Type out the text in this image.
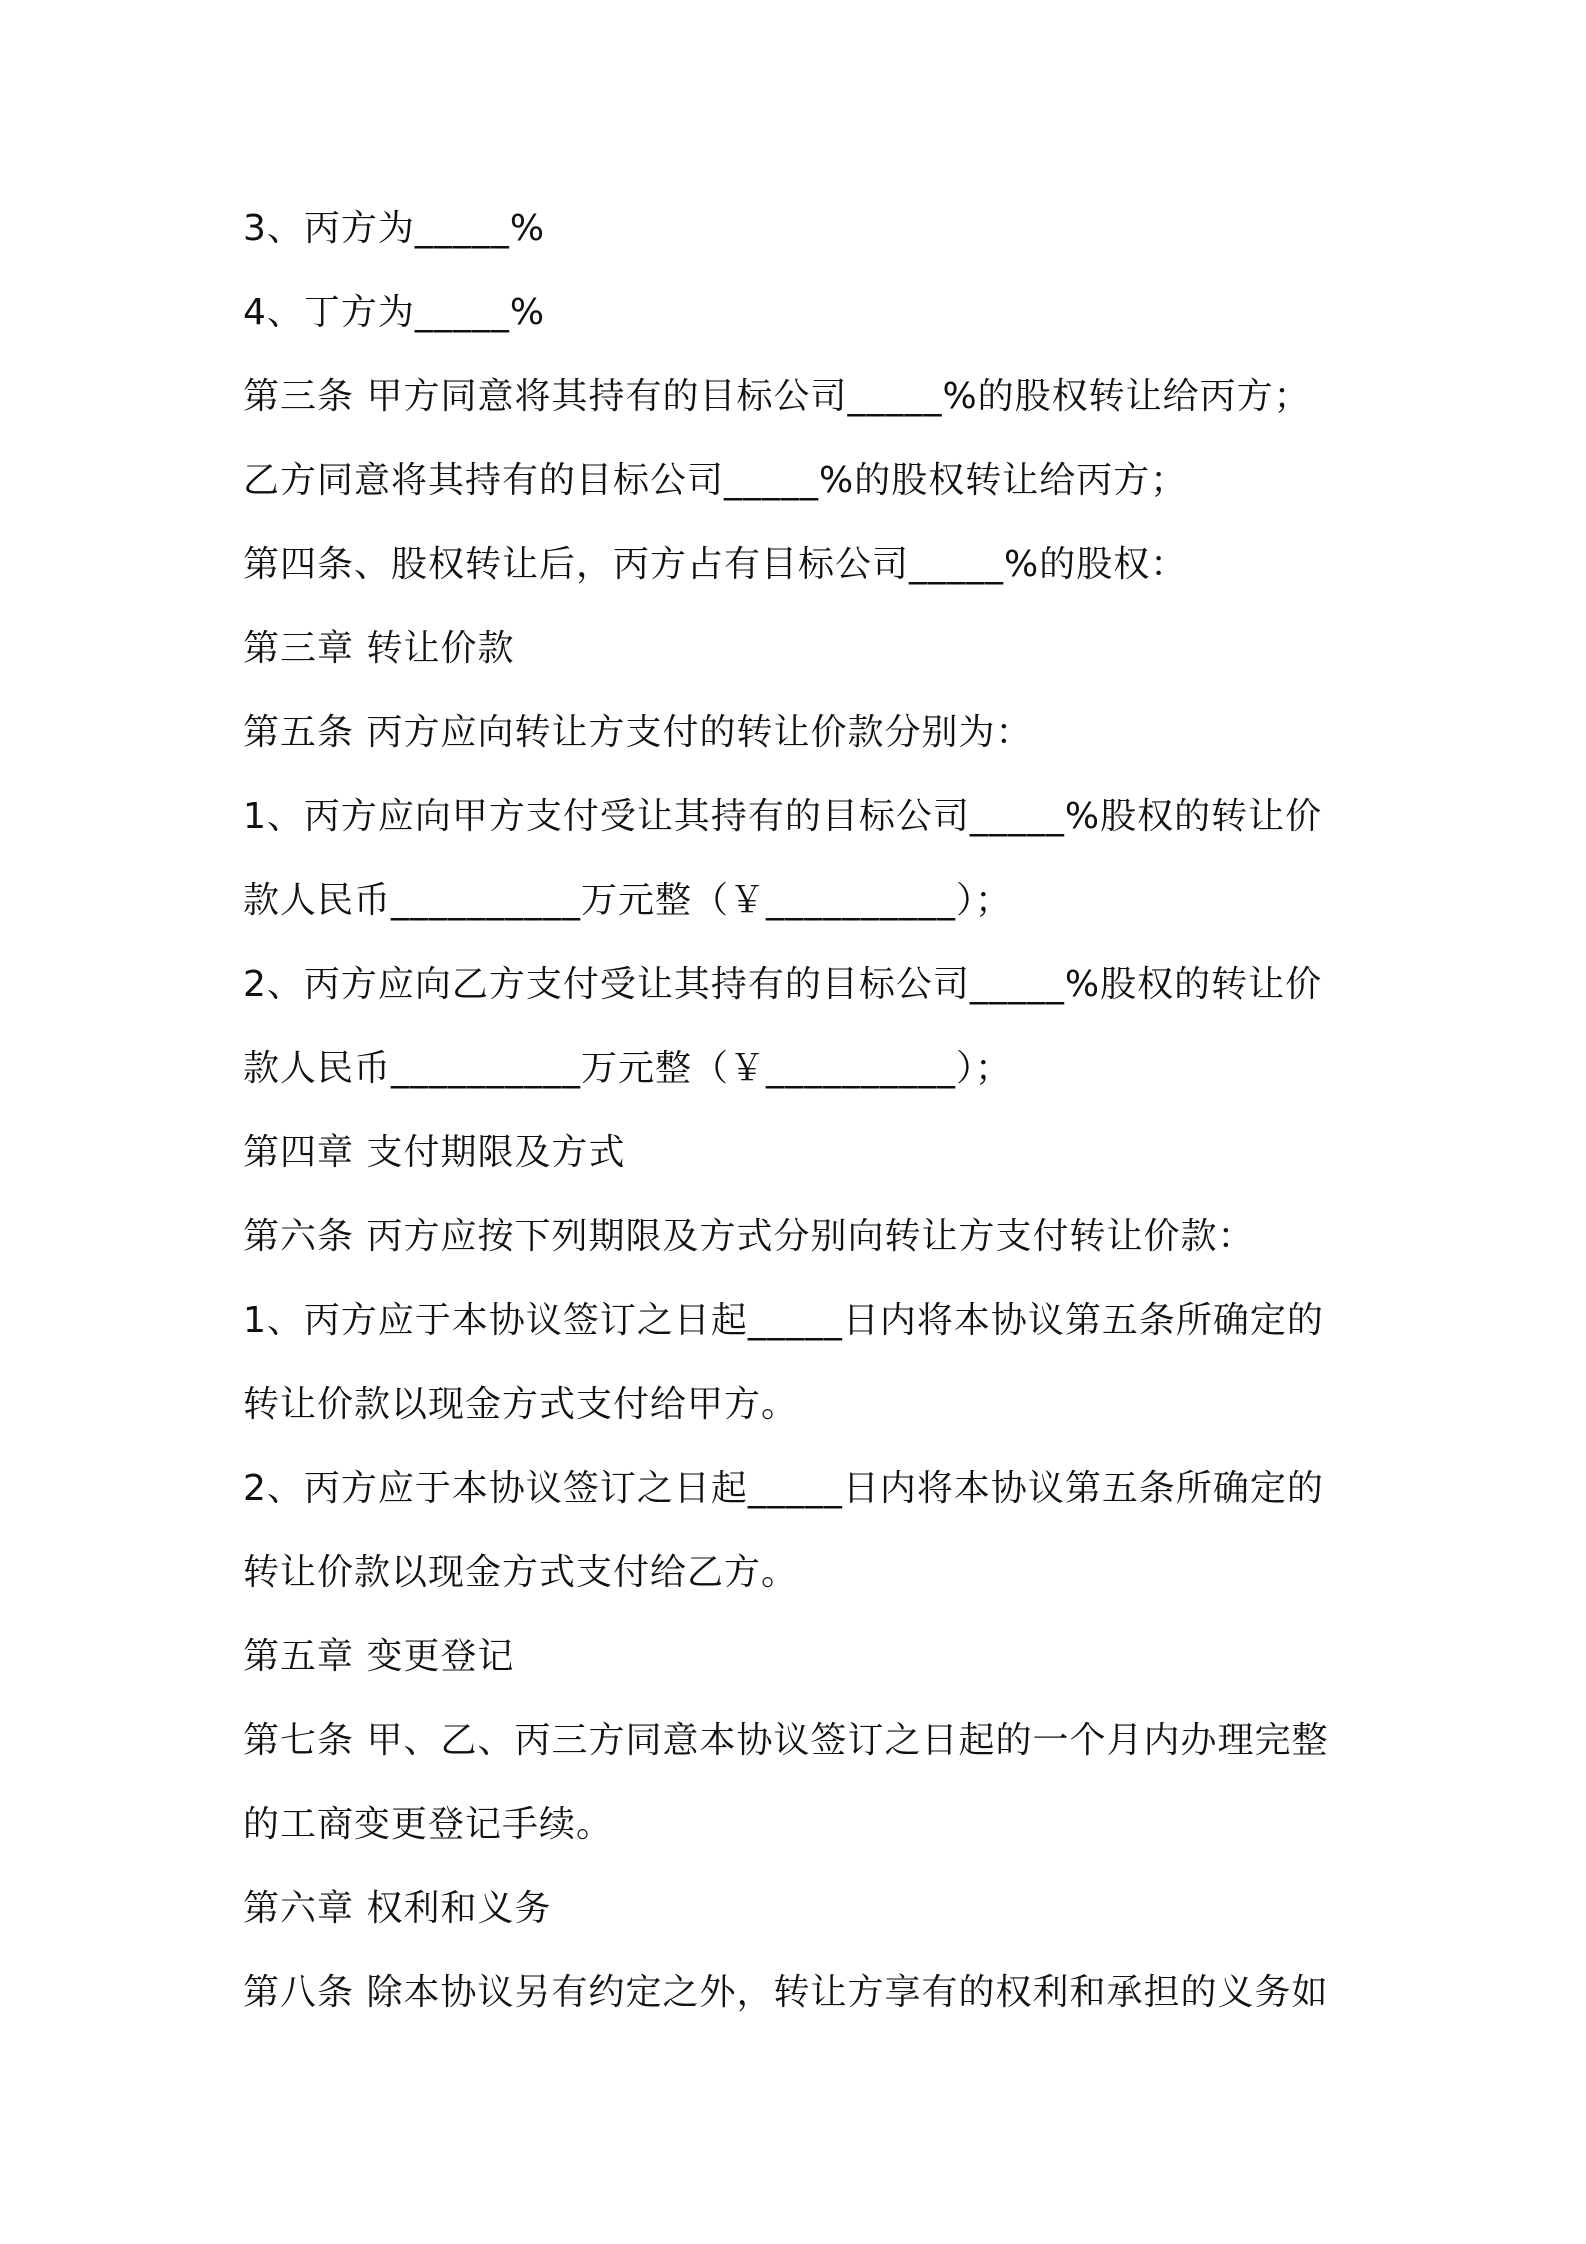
3、丙方为_____%
4、丁方为_____%
第三条 甲方同意将其持有的目标公司_____%的股权转让给丙方；
乙方同意将其持有的目标公司_____%的股权转让给丙方；
第四条、股权转让后，丙方占有目标公司_____%的股权：
第三章 转让价款
第五条 丙方应向转让方支付的转让价款分别为：
1、丙方应向甲方支付受让其持有的目标公司_____%股权的转让价
款人民币__________万元整（￥__________）；
2、丙方应向乙方支付受让其持有的目标公司_____%股权的转让价
款人民币__________万元整（￥__________）；
第四章 支付期限及方式
第六条 丙方应按下列期限及方式分别向转让方支付转让价款：
1、丙方应于本协议签订之日起_____日内将本协议第五条所确定的
转让价款以现金方式支付给甲方。
2、丙方应于本协议签订之日起_____日内将本协议第五条所确定的
转让价款以现金方式支付给乙方。
第五章 变更登记
第七条 甲、乙、丙三方同意本协议签订之日起的一个月内办理完整
的工商变更登记手续。
第六章 权利和义务
第八条 除本协议另有约定之外，转让方享有的权利和承担的义务如
